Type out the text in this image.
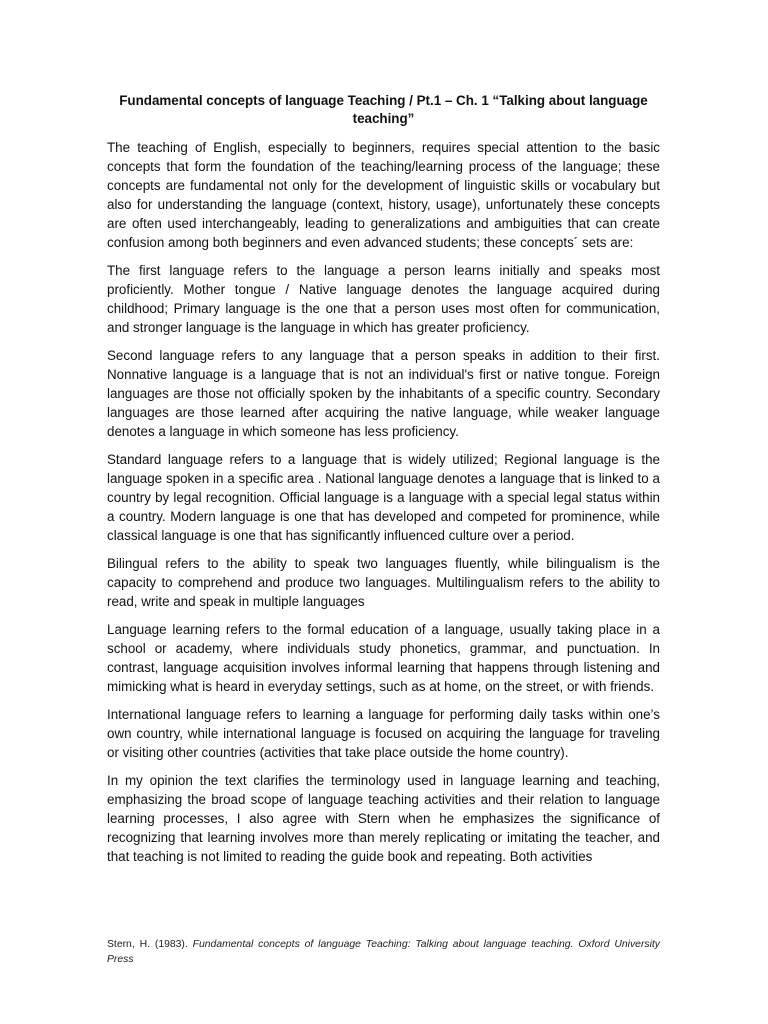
Fundamental concepts of language Teaching / Pt.1 – Ch. 1 “Talking about language teaching”

The teaching of English, especially to beginners, requires special attention to the basic concepts that form the foundation of the teaching/learning process of the language; these concepts are fundamental not only for the development of linguistic skills or vocabulary but also for understanding the language (context, history, usage), unfortunately these concepts are often used interchangeably, leading to generalizations and ambiguities that can create confusion among both beginners and even advanced students; these concepts´ sets are:

The first language refers to the language a person learns initially and speaks most proficiently. Mother tongue / Native language denotes the language acquired during childhood; Primary language is the one that a person uses most often for communication, and stronger language is the language in which has greater proficiency.

Second language refers to any language that a person speaks in addition to their first. Nonnative language is a language that is not an individual's first or native tongue. Foreign languages are those not officially spoken by the inhabitants of a specific country. Secondary languages are those learned after acquiring the native language, while weaker language denotes a language in which someone has less proficiency.

Standard language refers to a language that is widely utilized; Regional language is the language spoken in a specific area . National language denotes a language that is linked to a country by legal recognition. Official language is a language with a special legal status within a country. Modern language is one that has developed and competed for prominence, while classical language is one that has significantly influenced culture over a period.

Bilingual refers to the ability to speak two languages fluently, while bilingualism is the capacity to comprehend and produce two languages. Multilingualism refers to the ability to read, write and speak in multiple languages

Language learning refers to the formal education of a language, usually taking place in a school or academy, where individuals study phonetics, grammar, and punctuation. In contrast, language acquisition involves informal learning that happens through listening and mimicking what is heard in everyday settings, such as at home, on the street, or with friends.

International language refers to learning a language for performing daily tasks within one’s own country, while international language is focused on acquiring the language for traveling or visiting other countries (activities that take place outside the home country).

In my opinion the text clarifies the terminology used in language learning and teaching, emphasizing the broad scope of language teaching activities and their relation to language learning processes, I also agree with Stern when he emphasizes the significance of recognizing that learning involves more than merely replicating or imitating the teacher, and that teaching is not limited to reading the guide book and repeating. Both activities

Stern, H. (1983). Fundamental concepts of language Teaching: Talking about language teaching. Oxford University Press
